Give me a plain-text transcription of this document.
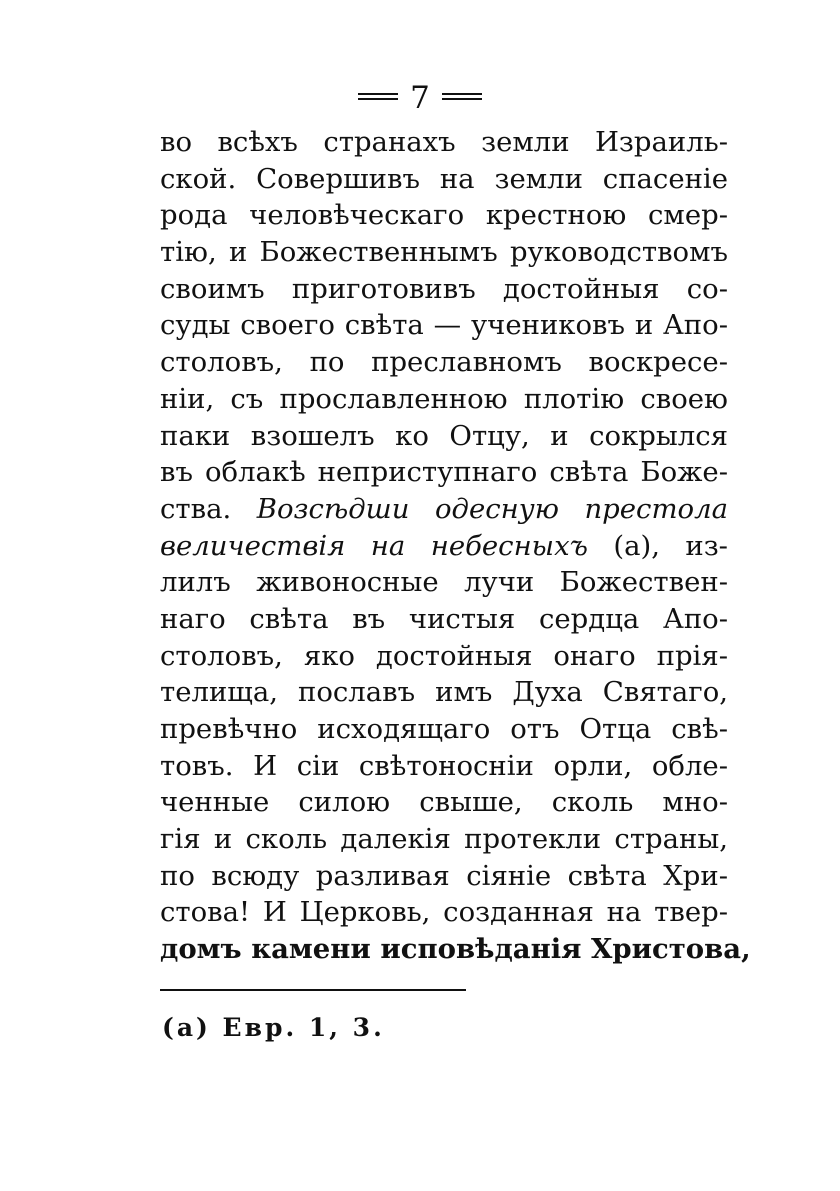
7
во всѣхъ странахъ земли Израиль-
ской. Совершивъ на земли спасеніе
рода человѣческаго крестною смер-
тію, и Божественнымъ руководствомъ
своимъ приготовивъ достойныя со-
суды своего свѣта — учениковъ и Апо-
столовъ, по преславномъ воскресе-
ніи, съ прославленною плотію своею
паки взошелъ ко Отцу, и сокрылся
въ облакѣ неприступнаго свѣта Боже-
ства. Возсѣдши одесную престола
величествія на небесныхъ (а), из-
лилъ живоносные лучи Божествен-
наго свѣта въ чистыя сердца Апо-
столовъ, яко достойныя онаго прія-
телища, пославъ имъ Духа Святаго,
превѣчно исходящаго отъ Отца свѣ-
товъ. И сіи свѣтоносніи орли, обле-
ченные силою свыше, сколь мно-
гія и сколь далекія протекли страны,
по всюду разливая сіяніе свѣта Хри-
стова! И Церковь, созданная на твер-
домъ камени исповѣданія Христова,
(а) Евр. 1, 3.
